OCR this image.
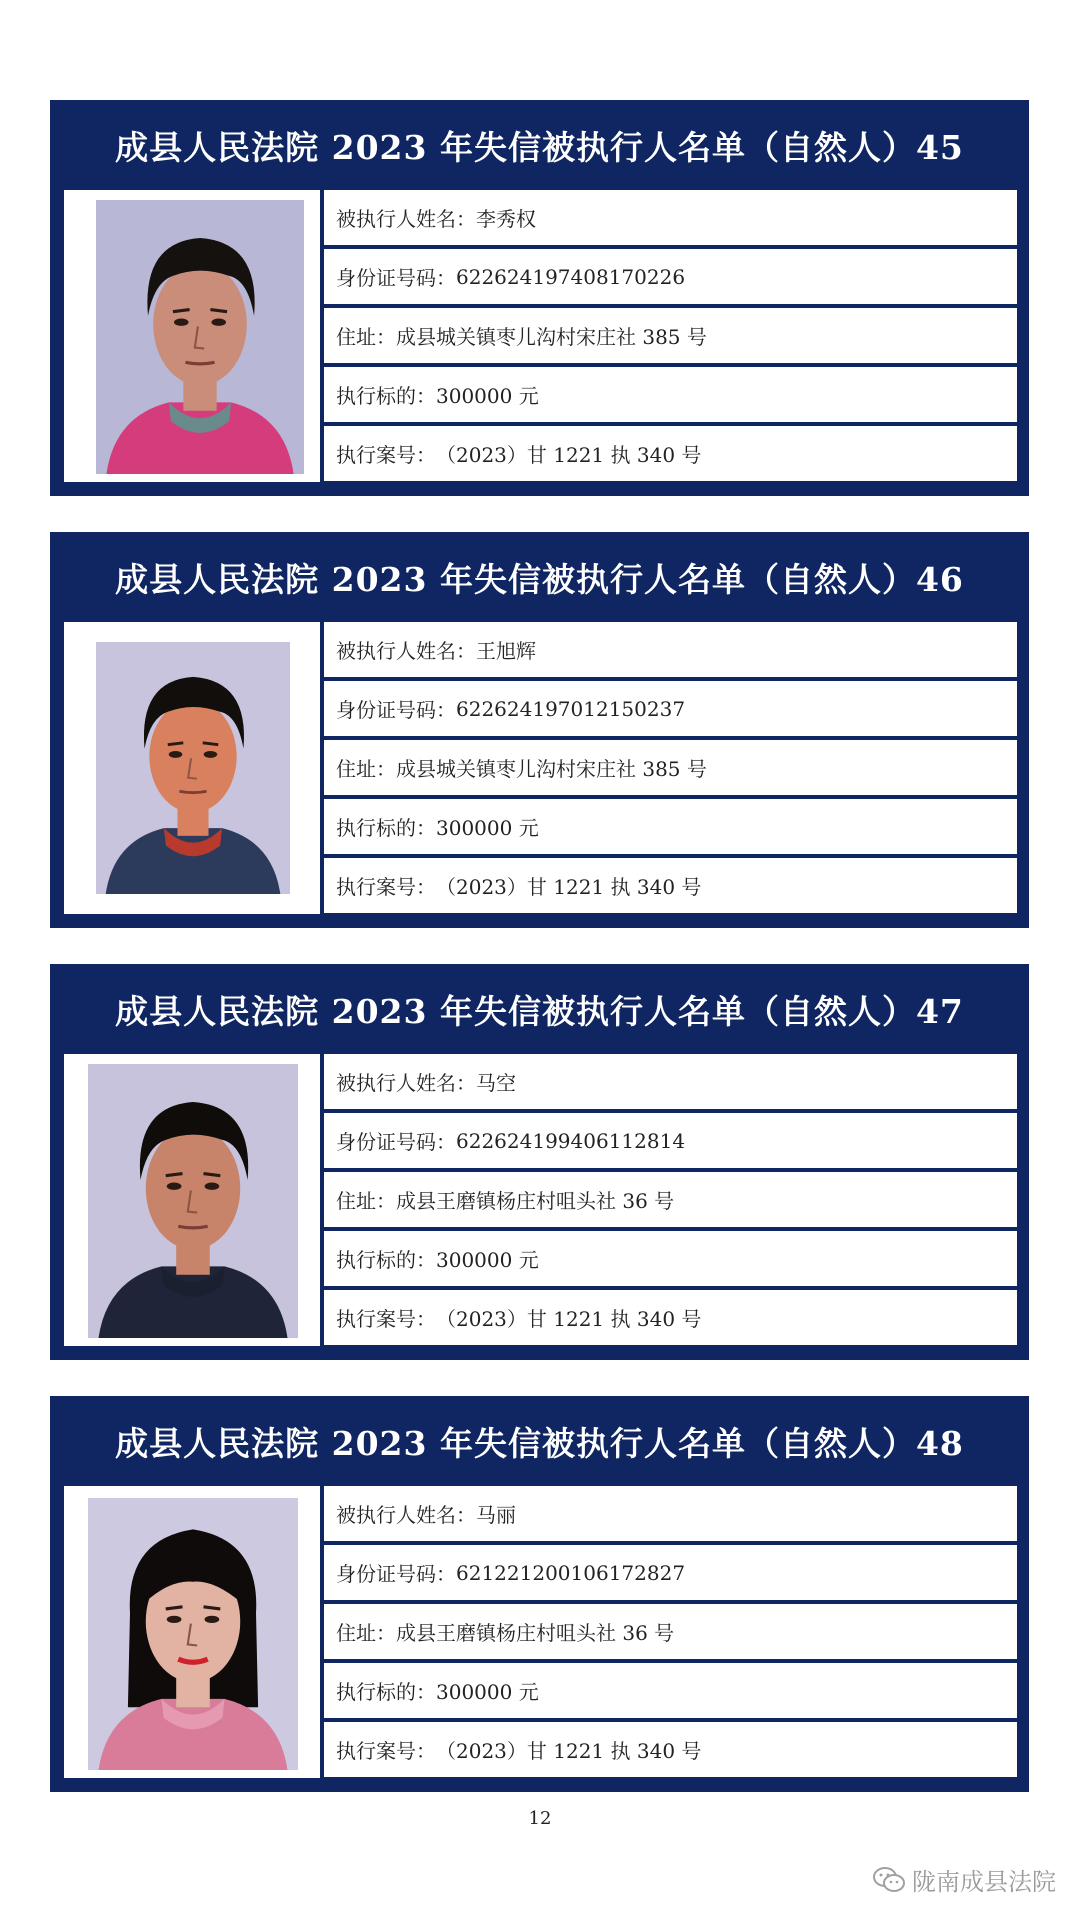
成县人民法院 2023 年失信被执行人名单（自然人）45
被执行人姓名： 李秀权
身份证号码： 622624197408170226
住址： 成县城关镇枣儿沟村宋庄社 385 号
执行标的： 300000 元
执行案号： （2023）甘 1221 执 340 号
成县人民法院 2023 年失信被执行人名单（自然人）46
被执行人姓名： 王旭辉
身份证号码： 622624197012150237
住址： 成县城关镇枣儿沟村宋庄社 385 号
执行标的： 300000 元
执行案号： （2023）甘 1221 执 340 号
成县人民法院 2023 年失信被执行人名单（自然人）47
被执行人姓名： 马空
身份证号码： 622624199406112814
住址： 成县王磨镇杨庄村咀头社 36 号
执行标的： 300000 元
执行案号： （2023）甘 1221 执 340 号
成县人民法院 2023 年失信被执行人名单（自然人）48
被执行人姓名： 马丽
身份证号码： 621221200106172827
住址： 成县王磨镇杨庄村咀头社 36 号
执行标的： 300000 元
执行案号： （2023）甘 1221 执 340 号
12
陇南成县法院
